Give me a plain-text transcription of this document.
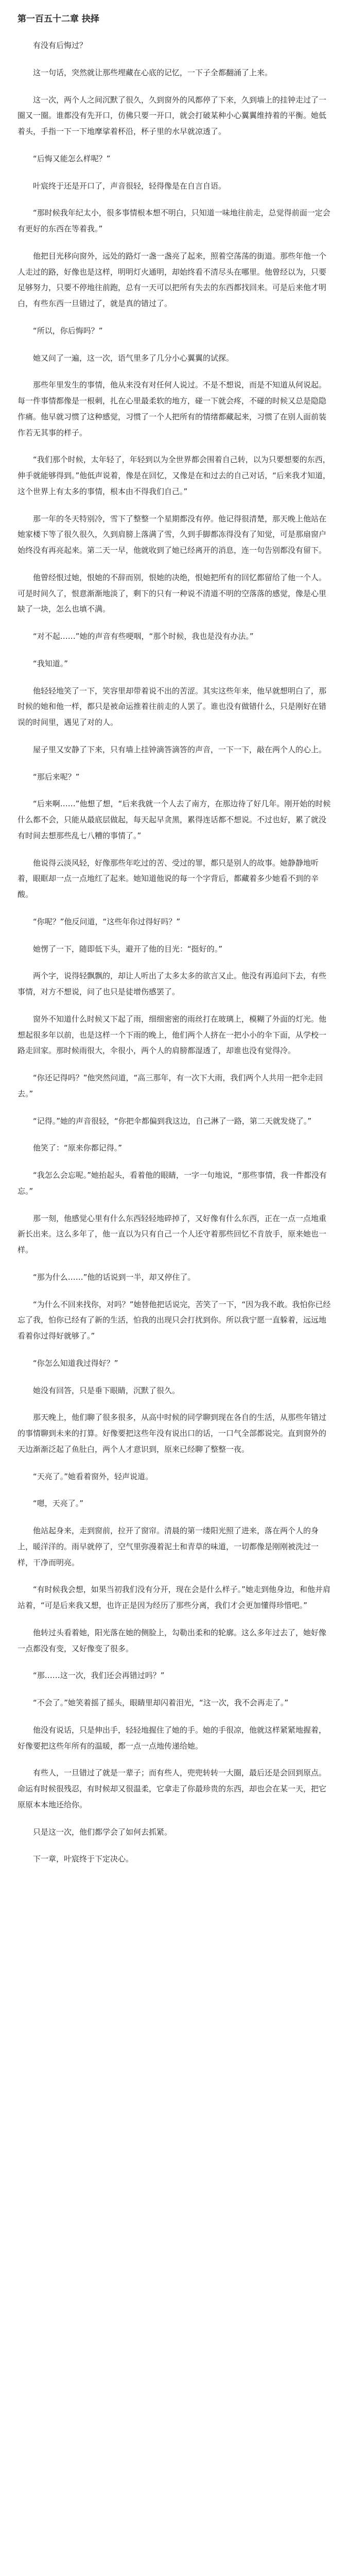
第一百五十二章 抉择

有没有后悔过？

这一句话，突然就让那些埋藏在心底的记忆，一下子全都翻涌了上来。

这一次，两个人之间沉默了很久，久到窗外的风都停了下来，久到墙上的挂钟走过了一圈又一圈。谁都没有先开口，仿佛只要一开口，就会打破某种小心翼翼维持着的平衡。她低着头，手指一下一下地摩挲着杯沿，杯子里的水早就凉透了。

“后悔又能怎么样呢？”

叶宸终于还是开口了，声音很轻，轻得像是在自言自语。

“那时候我年纪太小，很多事情根本想不明白，只知道一味地往前走，总觉得前面一定会有更好的东西在等着我。”

他把目光移向窗外，远处的路灯一盏一盏亮了起来，照着空荡荡的街道。那些年他一个人走过的路，好像也是这样，明明灯火通明，却始终看不清尽头在哪里。他曾经以为，只要足够努力，只要不停地往前跑，总有一天可以把所有失去的东西都找回来。可是后来他才明白，有些东西一旦错过了，就是真的错过了。

“所以，你后悔吗？”

她又问了一遍，这一次，语气里多了几分小心翼翼的试探。

那些年里发生的事情，他从来没有对任何人说过。不是不想说，而是不知道从何说起。每一件事情都像是一根刺，扎在心里最柔软的地方，碰一下就会疼，不碰的时候又总是隐隐作痛。他早就习惯了这种感觉，习惯了一个人把所有的情绪都藏起来，习惯了在别人面前装作若无其事的样子。

“我们那个时候，太年轻了，年轻到以为全世界都会围着自己转，以为只要想要的东西，伸手就能够得到。”他低声说着，像是在回忆，又像是在和过去的自己对话，“后来我才知道，这个世界上有太多的事情，根本由不得我们自己。”

那一年的冬天特别冷，雪下了整整一个星期都没有停。他记得很清楚，那天晚上他站在她家楼下等了很久很久，久到肩膀上落满了雪，久到手脚都冻得没有了知觉，可是那扇窗户始终没有再亮起来。第二天一早，他就收到了她已经离开的消息，连一句告别都没有留下。

他曾经恨过她，恨她的不辞而别，恨她的决绝，恨她把所有的回忆都留给了他一个人。可是时间久了，恨意渐渐地淡了，剩下的只有一种说不清道不明的空落落的感觉，像是心里缺了一块，怎么也填不满。

“对不起……”她的声音有些哽咽，“那个时候，我也是没有办法。”

“我知道。”

他轻轻地笑了一下，笑容里却带着说不出的苦涩。其实这些年来，他早就想明白了，那时候的她和他一样，都只是被命运推着往前走的人罢了。谁也没有做错什么，只是刚好在错误的时间里，遇见了对的人。

屋子里又安静了下来，只有墙上挂钟滴答滴答的声音，一下一下，敲在两个人的心上。

“那后来呢？”

“后来啊……”他想了想，“后来我就一个人去了南方，在那边待了好几年。刚开始的时候什么都不会，只能从最底层做起，每天起早贪黑，累得连话都不想说。不过也好，累了就没有时间去想那些乱七八糟的事情了。”

他说得云淡风轻，好像那些年吃过的苦、受过的罪，都只是别人的故事。她静静地听着，眼眶却一点一点地红了起来。她知道他说的每一个字背后，都藏着多少她看不到的辛酸。

“你呢？”他反问道，“这些年你过得好吗？”

她愣了一下，随即低下头，避开了他的目光：“挺好的。”

两个字，说得轻飘飘的，却让人听出了太多太多的欲言又止。他没有再追问下去，有些事情，对方不想说，问了也只是徒增伤感罢了。

窗外不知道什么时候又下起了雨，细细密密的雨丝打在玻璃上，模糊了外面的灯光。他想起很多年以前，也是这样一个下雨的晚上，他们两个人挤在一把小小的伞下面，从学校一路走回家。那时候雨很大，伞很小，两个人的肩膀都湿透了，却谁也没有觉得冷。

“你还记得吗？”他突然问道，“高三那年，有一次下大雨，我们两个人共用一把伞走回去。”

“记得。”她的声音很轻，“你把伞都偏到我这边，自己淋了一路，第二天就发烧了。”

他笑了：“原来你都记得。”

“我怎么会忘呢。”她抬起头，看着他的眼睛，一字一句地说，“那些事情，我一件都没有忘。”

那一刻，他感觉心里有什么东西轻轻地碎掉了，又好像有什么东西，正在一点一点地重新长出来。这么多年了，他一直以为只有自己一个人还守着那些回忆不肯放手，原来她也一样。

“那为什么……”他的话说到一半，却又停住了。

“为什么不回来找你，对吗？”她替他把话说完，苦笑了一下，“因为我不敢。我怕你已经忘了我，怕你已经有了新的生活，怕我的出现只会打扰到你。所以我宁愿一直躲着，远远地看着你过得好就够了。”

“你怎么知道我过得好？”

她没有回答，只是垂下眼睛，沉默了很久。

那天晚上，他们聊了很多很多，从高中时候的同学聊到现在各自的生活，从那些年错过的事情聊到未来的打算。好像要把这些年没有说出口的话，一口气全部都说完。直到窗外的天边渐渐泛起了鱼肚白，两个人才意识到，原来已经聊了整整一夜。

“天亮了。”她看着窗外，轻声说道。

“嗯，天亮了。”

他站起身来，走到窗前，拉开了窗帘。清晨的第一缕阳光照了进来，落在两个人的身上，暖洋洋的。雨早就停了，空气里弥漫着泥土和青草的味道，一切都像是刚刚被洗过一样，干净而明亮。

“有时候我会想，如果当初我们没有分开，现在会是什么样子。”她走到他身边，和他并肩站着，“可是后来我又想，也许正是因为经历了那些分离，我们才会更加懂得珍惜吧。”

他转过头看着她，阳光落在她的侧脸上，勾勒出柔和的轮廓。这么多年过去了，她好像一点都没有变，又好像变了很多。

“那……这一次，我们还会再错过吗？”

“不会了。”她笑着摇了摇头，眼睛里却闪着泪光，“这一次，我不会再走了。”

他没有说话，只是伸出手，轻轻地握住了她的手。她的手很凉，他就这样紧紧地握着，好像要把这些年所有的温暖，都一点一点地传递给她。

有些人，一旦错过了就是一辈子；而有些人，兜兜转转一大圈，最后还是会回到原点。命运有时候很残忍，有时候却又很温柔，它拿走了你最珍贵的东西，却也会在某一天，把它原原本本地还给你。

只是这一次，他们都学会了如何去抓紧。

下一章，叶宸终于下定决心。
